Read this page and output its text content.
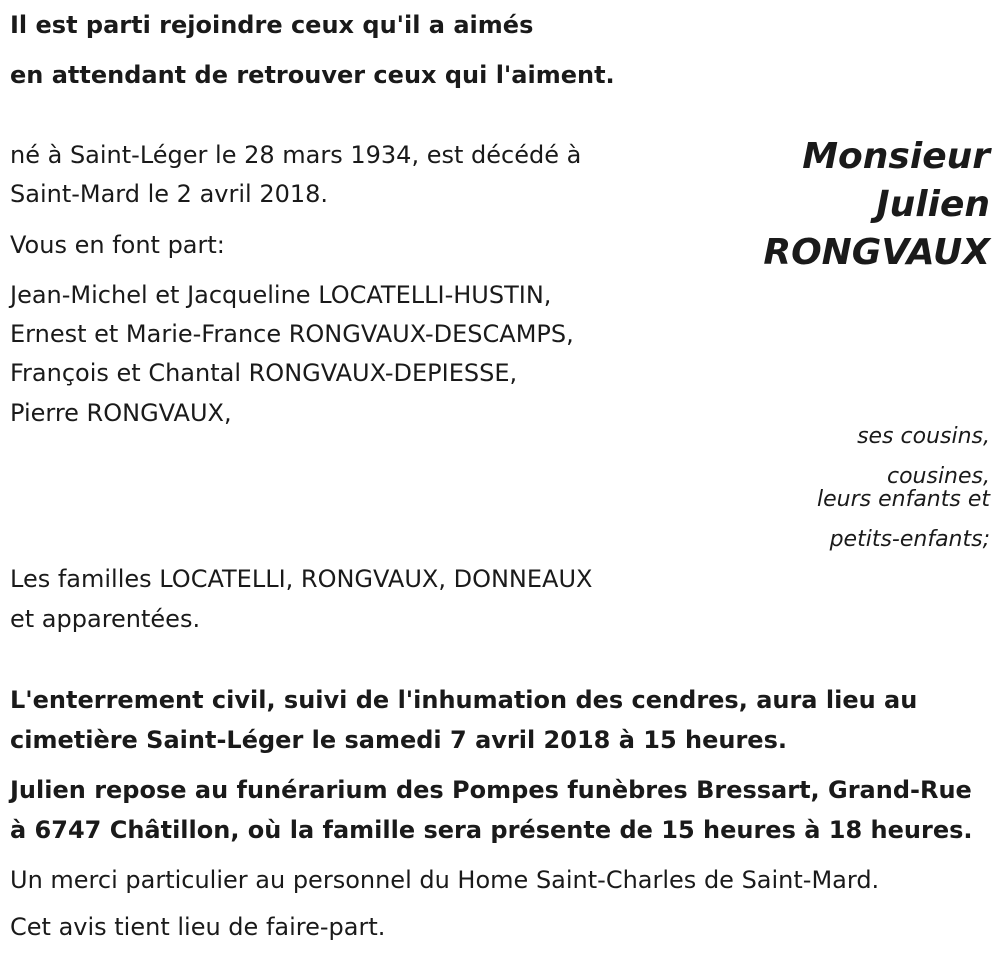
Il est parti rejoindre ceux qu'il a aimés
en attendant de retrouver ceux qui l'aiment.
Monsieur
Julien
RONGVAUX
né à Saint-Léger le 28 mars 1934, est décédé à
Saint-Mard le 2 avril 2018.
Vous en font part:
Jean-Michel et Jacqueline LOCATELLI-HUSTIN,
Ernest et Marie-France RONGVAUX-DESCAMPS,
François et Chantal RONGVAUX-DEPIESSE,
Pierre RONGVAUX,
ses cousins,
cousines,
leurs enfants et
petits-enfants;
Les familles LOCATELLI, RONGVAUX, DONNEAUX
et apparentées.
L'enterrement civil, suivi de l'inhumation des cendres, aura lieu au
cimetière Saint-Léger le samedi 7 avril 2018 à 15 heures.
Julien repose au funérarium des Pompes funèbres Bressart, Grand-Rue
à 6747 Châtillon, où la famille sera présente de 15 heures à 18 heures.
Un merci particulier au personnel du Home Saint-Charles de Saint-Mard.
Cet avis tient lieu de faire-part.
